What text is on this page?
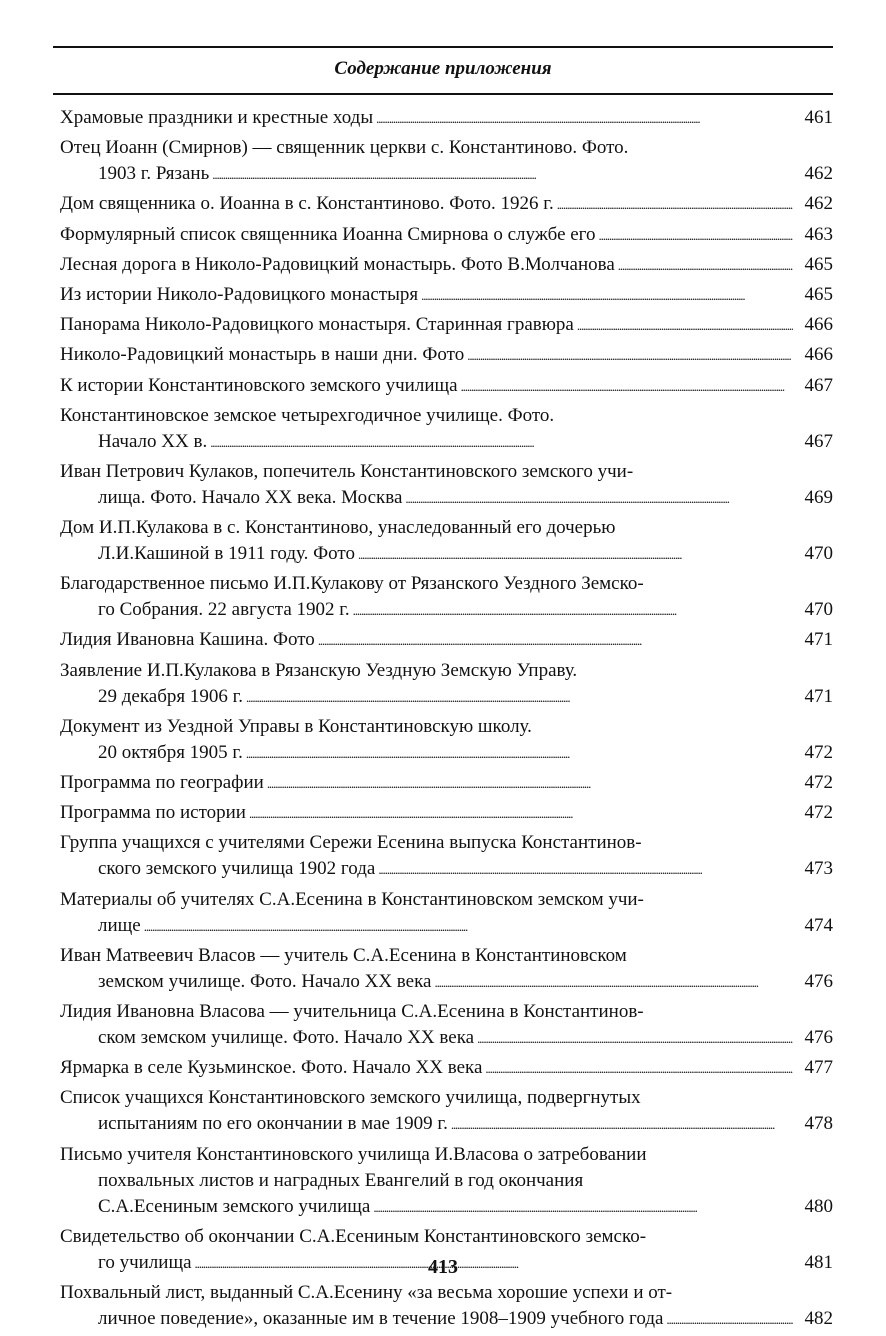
Содержание приложения
Храмовые праздники и крестные ходы . . .	461
Отец Иоанн (Смирнов) — священник церкви с. Константиново. Фото.
1903 г. Рязань . . .	462
Дом священника о. Иоанна в с. Константиново. Фото. 1926 г. . . .	462
Формулярный список священника Иоанна Смирнова о службе его . . .	463
Лесная дорога в Николо-Радовицкий монастырь. Фото В.Молчанова . . .	465
Из истории Николо-Радовицкого монастыря . . .	465
Панорама Николо-Радовицкого монастыря. Старинная гравюра . . .	466
Николо-Радовицкий монастырь в наши дни. Фото . . .	466
К истории Константиновского земского училища . . .	467
Константиновское земское четырехгодичное училище. Фото.
Начало XX в. . . .	467
Иван Петрович Кулаков, попечитель Константиновского земского учи-
лища. Фото. Начало XX века. Москва . . .	469
Дом И.П.Кулакова в с. Константиново, унаследованный его дочерью
Л.И.Кашиной в 1911 году. Фото . . .	470
Благодарственное письмо И.П.Кулакову от Рязанского Уездного Земско-
го Собрания. 22 августа 1902 г. . . .	470
Лидия Ивановна Кашина. Фото . . .	471
Заявление И.П.Кулакова в Рязанскую Уездную Земскую Управу.
29 декабря 1906 г. . . .	471
Документ из Уездной Управы в Константиновскую школу.
20 октября 1905 г. . . .	472
Программа по географии . . .	472
Программа по истории . . .	472
Группа учащихся с учителями Сережи Есенина выпуска Константинов-
ского земского училища 1902 года . . .	473
Материалы об учителях С.А.Есенина в Константиновском земском учи-
лище . . .	474
Иван Матвеевич Власов — учитель С.А.Есенина в Константиновском
земском училище. Фото. Начало XX века . . .	476
Лидия Ивановна Власова — учительница С.А.Есенина в Константинов-
ском земском училище. Фото. Начало XX века . . .	476
Ярмарка в селе Кузьминское. Фото. Начало XX века . . .	477
Список учащихся Константиновского земского училища, подвергнутых
испытаниям по его окончании в мае 1909 г. . . .	478
Письмо учителя Константиновского училища И.Власова о затребовании
похвальных листов и наградных Евангелий в год окончания
С.А.Есениным земского училища . . .	480
Свидетельство об окончании С.А.Есениным Константиновского земско-
го училища . . .	481
Похвальный лист, выданный С.А.Есенину «за весьма хорошие успехи и от-
личное поведение», оказанные им в течение 1908–1909 учебного года . . .	482
413
